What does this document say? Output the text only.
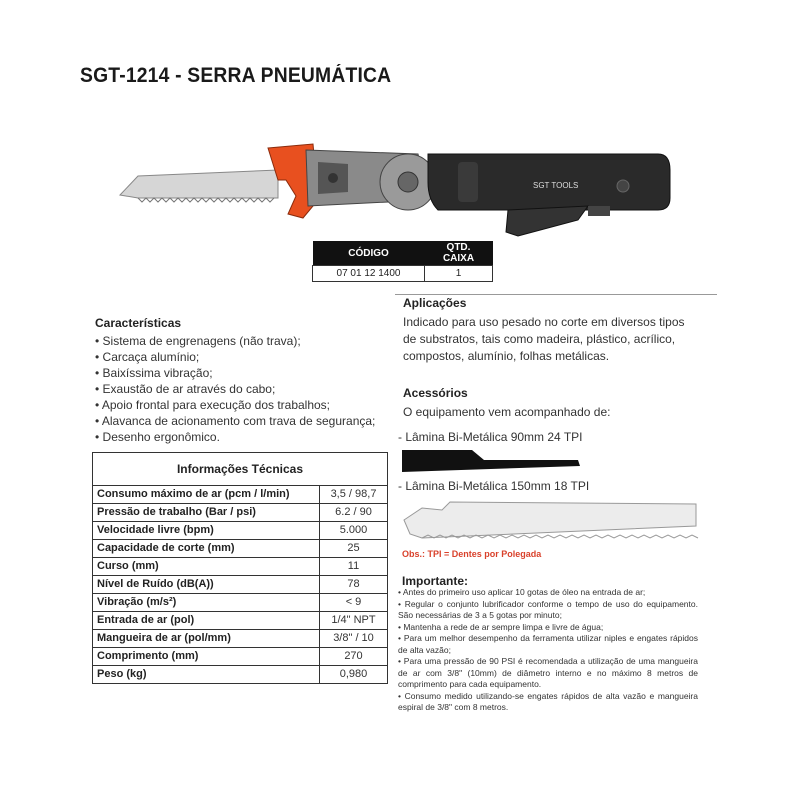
SGT-1214 - SERRA PNEUMÁTICA
SGT TOOLS
CÓDIGO	QTD. CAIXA
07 01 12 1400	1
Características
• Sistema de engrenagens (não trava);
• Carcaça alumínio;
• Baixíssima vibração;
• Exaustão de ar através do cabo;
• Apoio frontal para execução dos trabalhos;
• Alavanca de acionamento com trava de segurança;
• Desenho ergonômico.
Informações Técnicas
Consumo máximo de ar (pcm / l/min)	3,5 / 98,7
Pressão de trabalho (Bar / psi)	6.2 / 90
Velocidade livre (bpm)	5.000
Capacidade de corte (mm)	25
Curso (mm)	11
Nível de Ruído (dB(A))	78
Vibração (m/s²)	< 9
Entrada de ar (pol)	1/4" NPT
Mangueira de ar (pol/mm)	3/8" / 10
Comprimento (mm)	270
Peso (kg)	0,980
Aplicações
Indicado para uso pesado no corte em diversos tipos
de substratos, tais como madeira, plástico, acrílico,
compostos, alumínio, folhas metálicas.
Acessórios
O equipamento vem acompanhado de:
- Lâmina Bi-Metálica 90mm 24 TPI
- Lâmina Bi-Metálica 150mm 18 TPI
Obs.: TPI = Dentes por Polegada
Importante:
• Antes do primeiro uso aplicar 10 gotas de óleo na entrada de ar;
• Regular o conjunto lubrificador conforme o tempo de uso do equipamento. São necessárias de 3 a 5 gotas por minuto;
• Mantenha a rede de ar sempre limpa e livre de água;
• Para um melhor desempenho da ferramenta utilizar niples e engates rápidos de alta vazão;
• Para uma pressão de 90 PSI é recomendada a utilização de uma mangueira de ar com 3/8" (10mm) de diâmetro interno e no máximo 8 metros de comprimento para cada equipamento.
• Consumo medido utilizando-se engates rápidos de alta vazão e mangueira espiral de 3/8" com 8 metros.
